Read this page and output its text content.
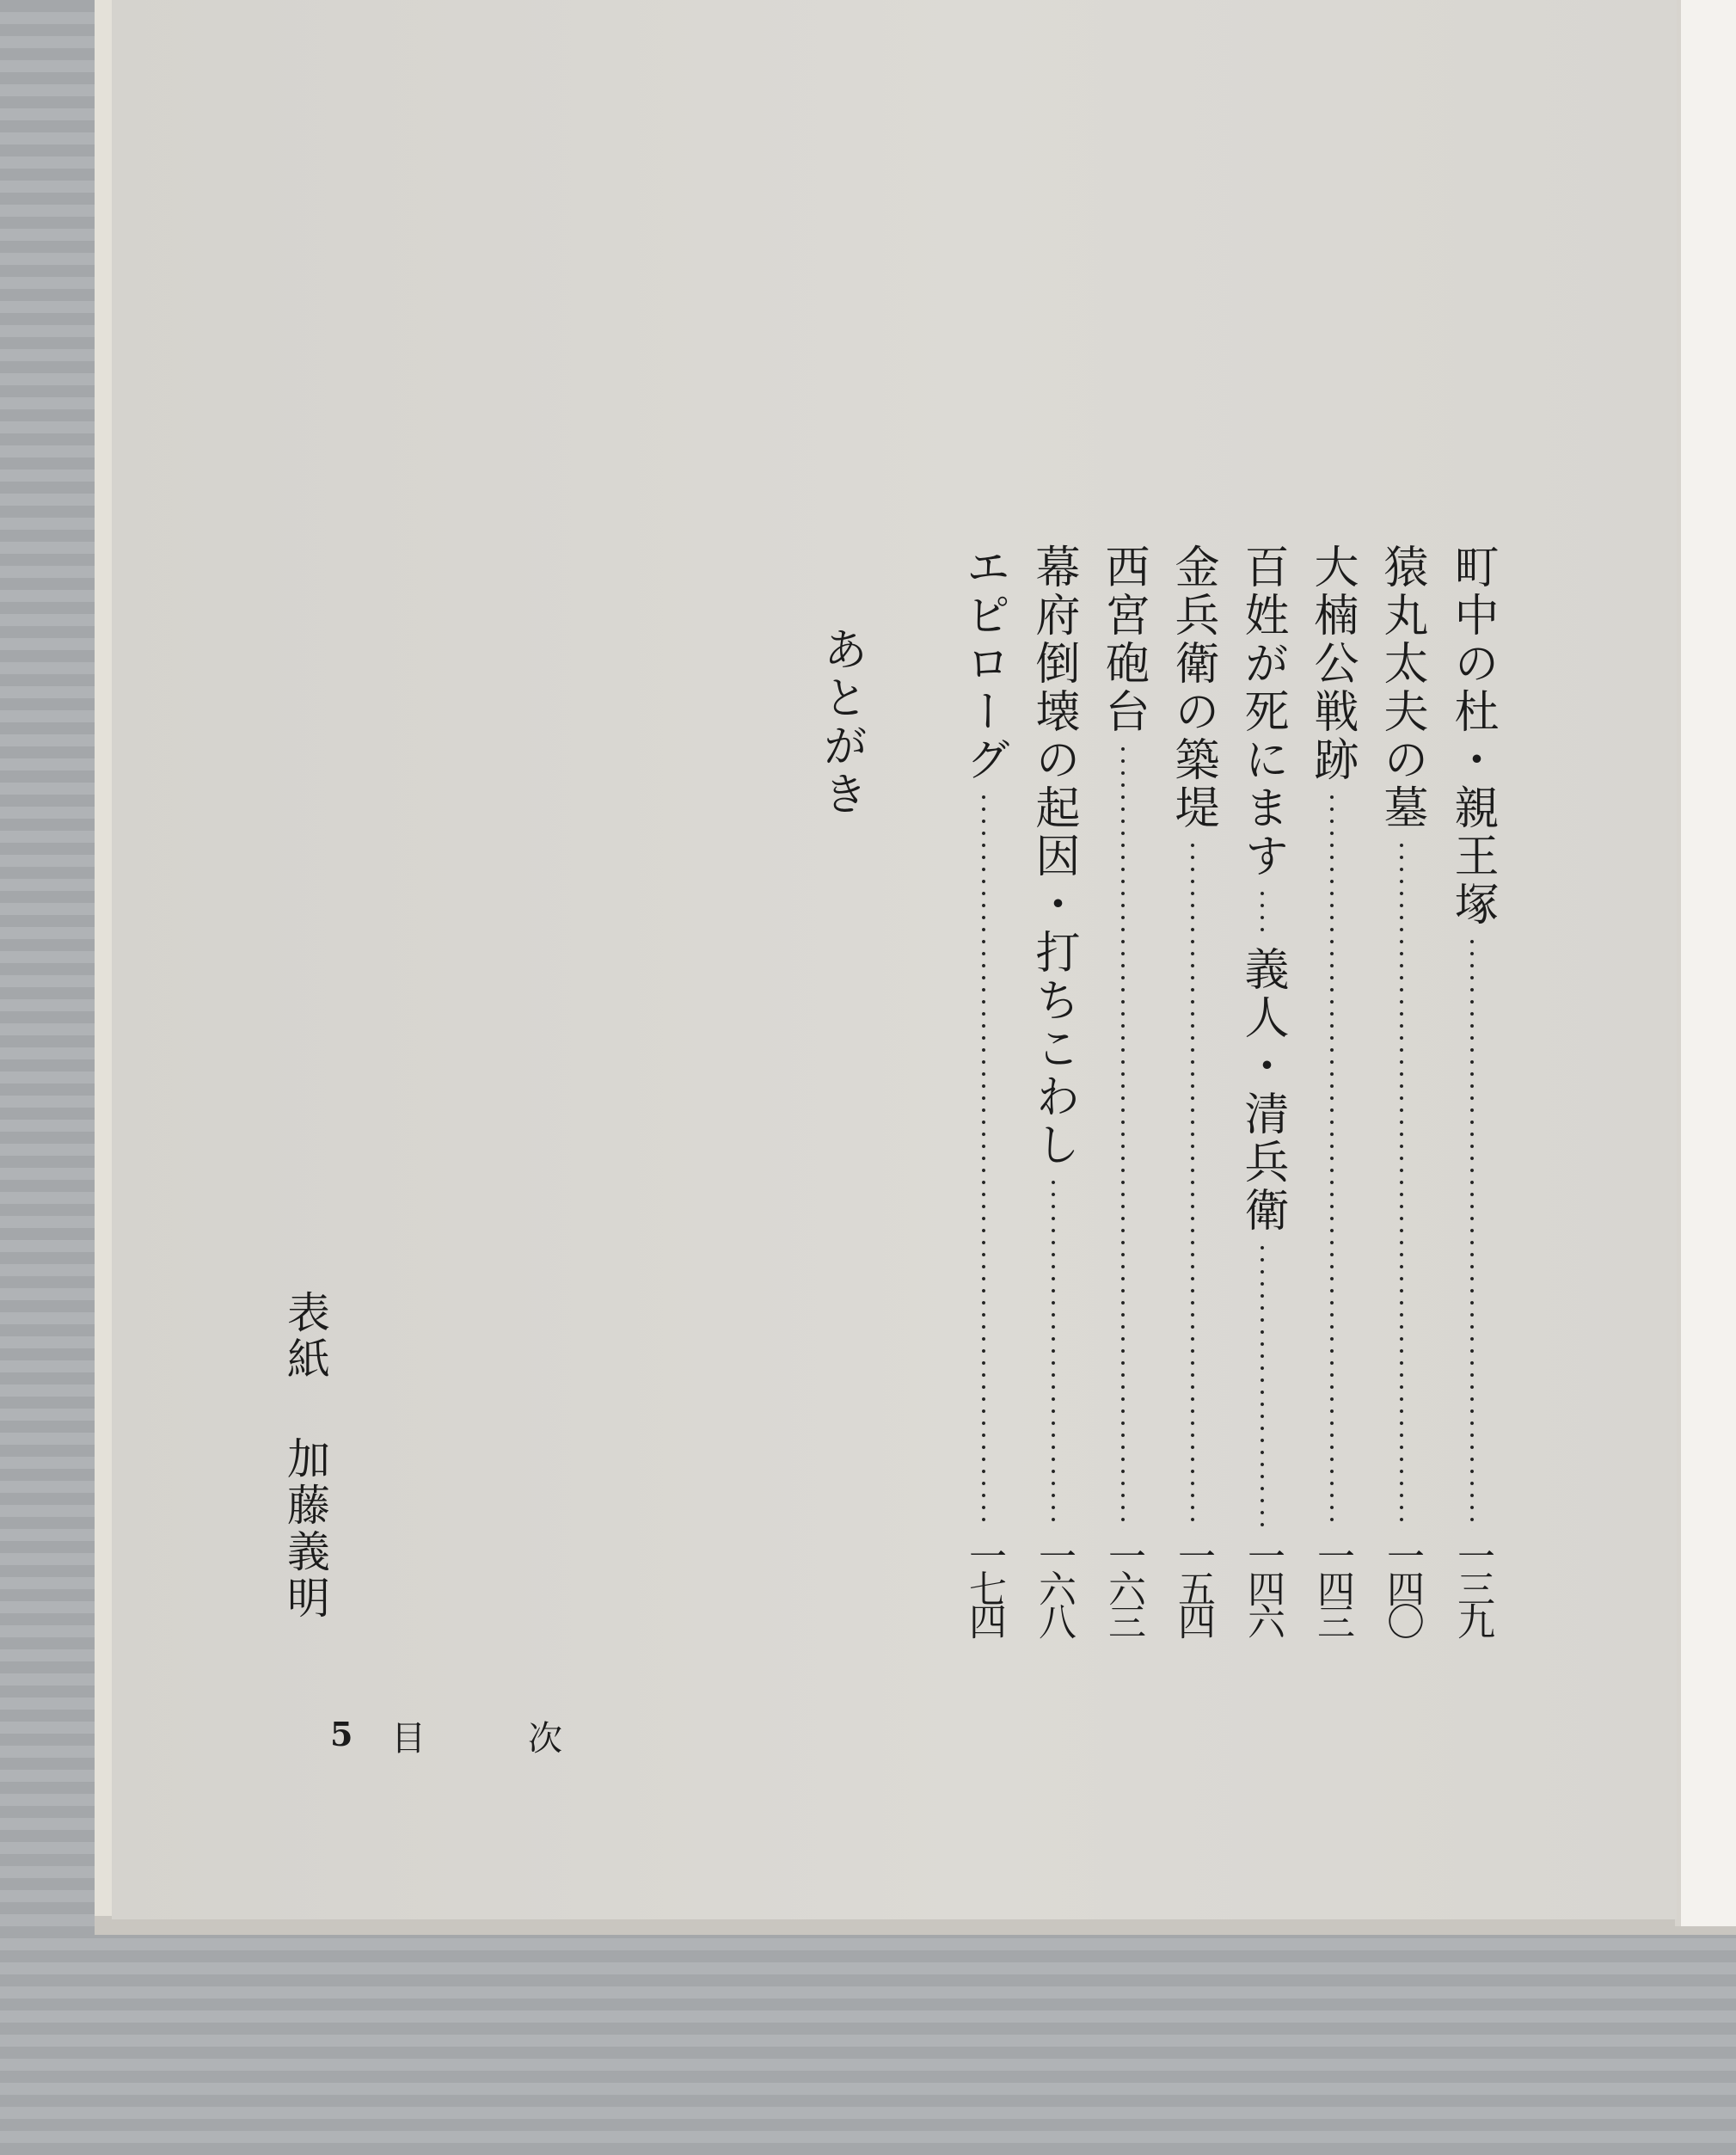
町中の杜・親王塚
一三九
猿丸太夫の墓
一四〇
大楠公戦跡
一四三
百姓が死にます
義人・清兵衛
一四六
金兵衛の築堤
一五四
西宮砲台
一六三
幕府倒壊の起因・打ちこわし
一六八
エピローグ
一七四
あとがき
表紙
加藤義明
5 目	次
